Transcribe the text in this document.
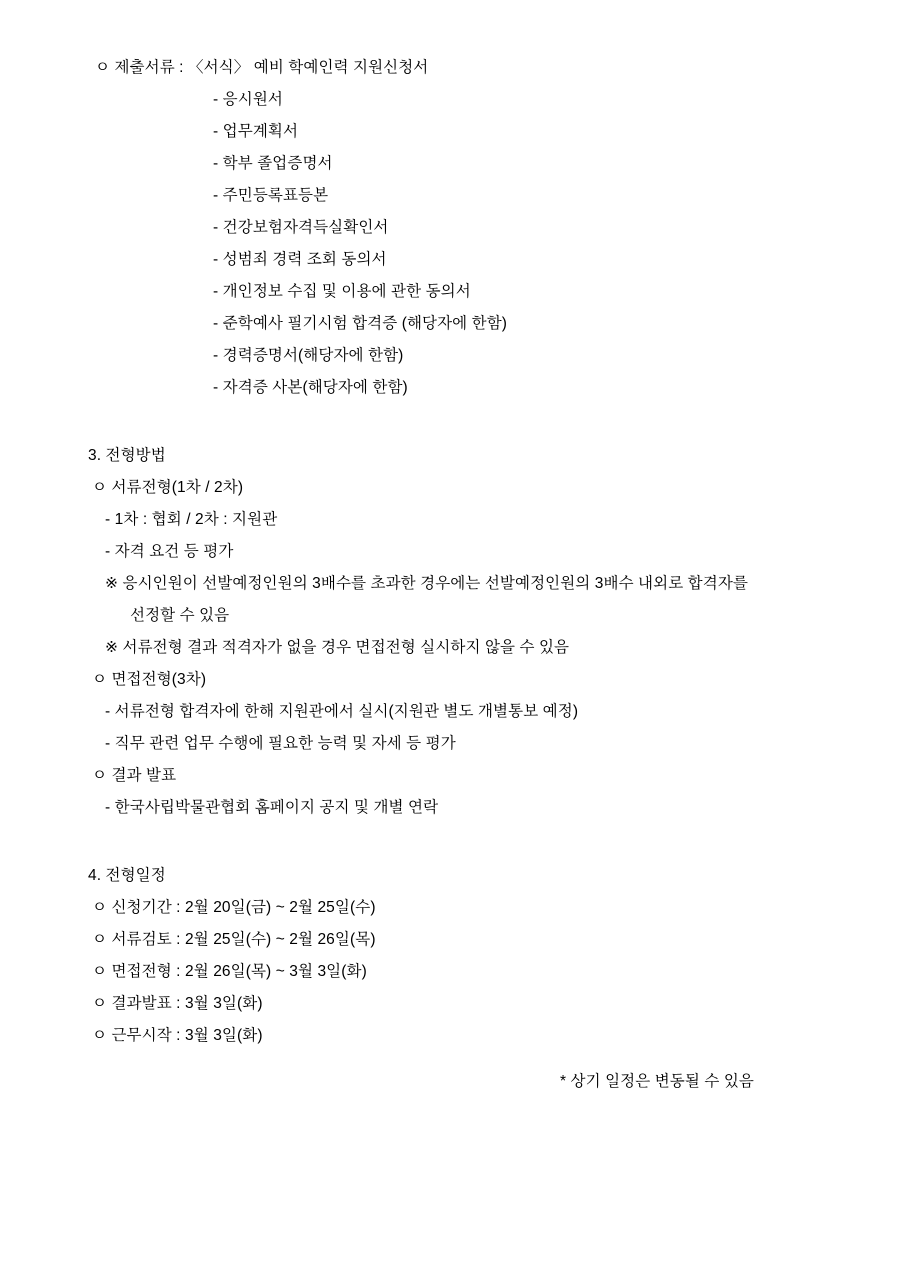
ㅇ 제출서류 : 〈서식〉 예비 학예인력 지원신청서
- 응시원서
- 업무계획서
- 학부 졸업증명서
- 주민등록표등본
- 건강보험자격득실확인서
- 성범죄 경력 조회 동의서
- 개인정보 수집 및 이용에 관한 동의서
- 준학예사 필기시험 합격증 (해당자에 한함)
- 경력증명서(해당자에 한함)
- 자격증 사본(해당자에 한함)
3. 전형방법
ㅇ 서류전형(1차 / 2차)
- 1차 : 협회 / 2차 : 지원관
- 자격 요건 등 평가
※ 응시인원이 선발예정인원의 3배수를 초과한 경우에는 선발예정인원의 3배수 내외로 합격자를
선정할 수 있음
※ 서류전형 결과 적격자가 없을 경우 면접전형 실시하지 않을 수 있음
ㅇ 면접전형(3차)
- 서류전형 합격자에 한해 지원관에서 실시(지원관 별도 개별통보 예정)
- 직무 관련 업무 수행에 필요한 능력 및 자세 등 평가
ㅇ 결과 발표
- 한국사립박물관협회 홈페이지 공지 및 개별 연락
4. 전형일정
ㅇ 신청기간 : 2월 20일(금) ~ 2월 25일(수)
ㅇ 서류검토 : 2월 25일(수) ~ 2월 26일(목)
ㅇ 면접전형 : 2월 26일(목) ~ 3월 3일(화)
ㅇ 결과발표 : 3월 3일(화)
ㅇ 근무시작 : 3월 3일(화)
* 상기 일정은 변동될 수 있음
